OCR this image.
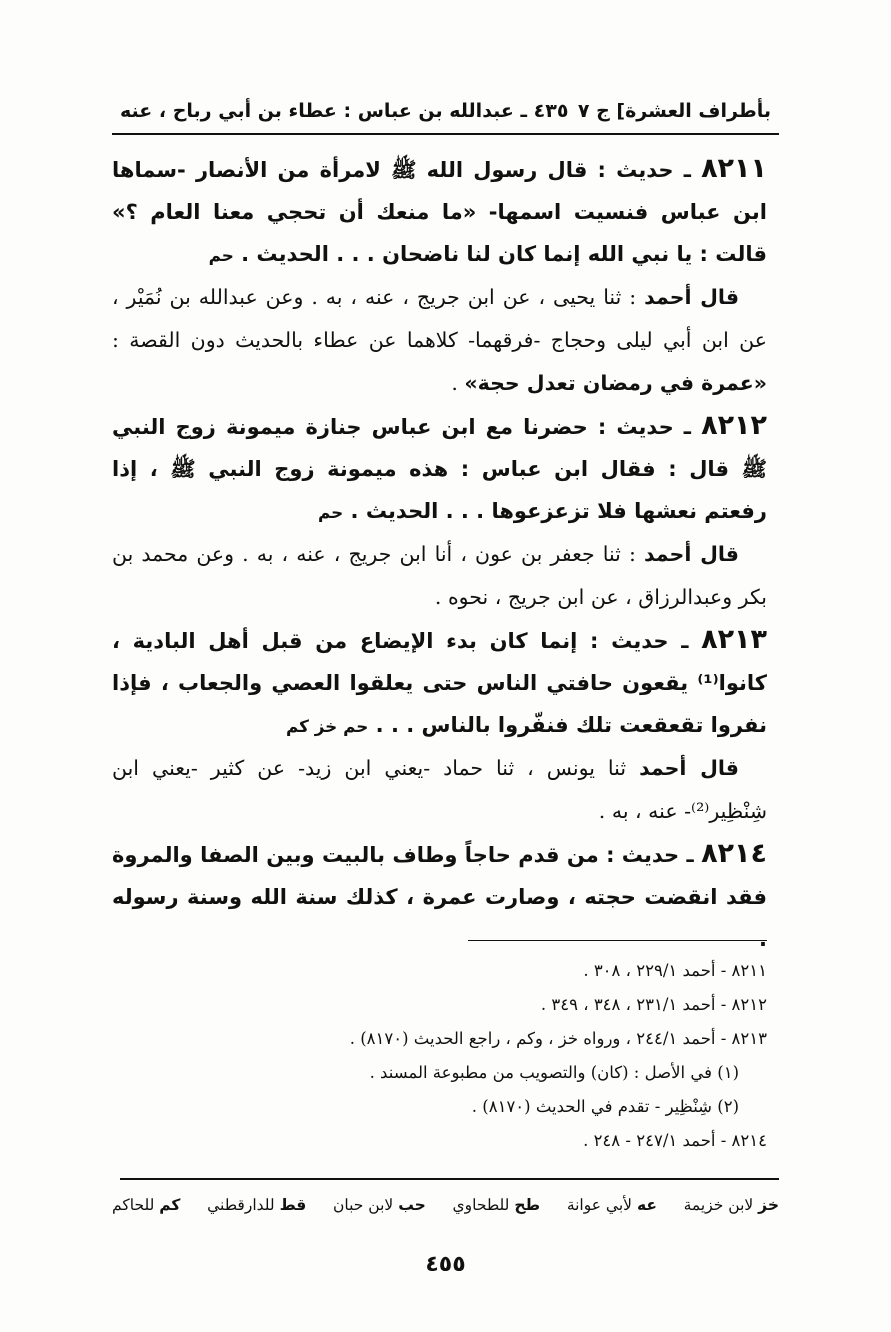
بأطراف العشرة] ج ٧
٤٣٥ ـ عبدالله بن عباس : عطاء بن أبي رباح ، عنه

٨٢١١ ـ حديث : قال رسول الله ﷺ لامرأة من الأنصار -سماها ابن عباس فنسيت اسمها- «ما منعك أن تحجي معنا العام ؟» قالت : يا نبي الله إنما كان لنا ناضحان . . . الحديث . حم

قال أحمد : ثنا يحيى ، عن ابن جريج ، عنه ، به . وعن عبدالله بن نُمَيْر ، عن ابن أبي ليلى وحجاج -فرقهما- كلاهما عن عطاء بالحديث دون القصة : «عمرة في رمضان تعدل حجة» .

٨٢١٢ ـ حديث : حضرنا مع ابن عباس جنازة ميمونة زوج النبي ﷺ قال : فقال ابن عباس : هذه ميمونة زوج النبي ﷺ ، إذا رفعتم نعشها فلا تزعزعوها . . . الحديث . حم

قال أحمد : ثنا جعفر بن عون ، أنا ابن جريج ، عنه ، به . وعن محمد بن بكر وعبدالرزاق ، عن ابن جريج ، نحوه .

٨٢١٣ ـ حديث : إنما كان بدء الإيضاع من قبل أهل البادية ، كانوا⁽¹⁾ يقعون حافتي الناس حتى يعلقوا العصي والجعاب ، فإذا نفروا تقعقعت تلك فنفّروا بالناس . . . حم خز كم

قال أحمد ثنا يونس ، ثنا حماد -يعني ابن زيد- عن كثير -يعني ابن شِنْظِير⁽²⁾- عنه ، به .

٨٢١٤ ـ حديث : من قدم حاجاً وطاف بالبيت وبين الصفا والمروة فقد انقضت حجته ، وصارت عمرة ، كذلك سنة الله وسنة رسوله .

٨٢١١ - أحمد ٢٢٩/١ ، ٣٠٨ .
٨٢١٢ - أحمد ٢٣١/١ ، ٣٤٨ ، ٣٤٩ .
٨٢١٣ - أحمد ٢٤٤/١ ، ورواه خز ، وكم ، راجع الحديث (٨١٧٠) .
(١) في الأصل : (كان) والتصويب من مطبوعة المسند .
(٢) شِنْظِير - تقدم في الحديث (٨١٧٠) .
٨٢١٤ - أحمد ٢٤٧/١ - ٢٤٨ .
خز لابن خزيمة
عه لأبي عوانة
طح للطحاوي
حب لابن حبان
قط للدارقطني
كم للحاكم
٤٥٥
